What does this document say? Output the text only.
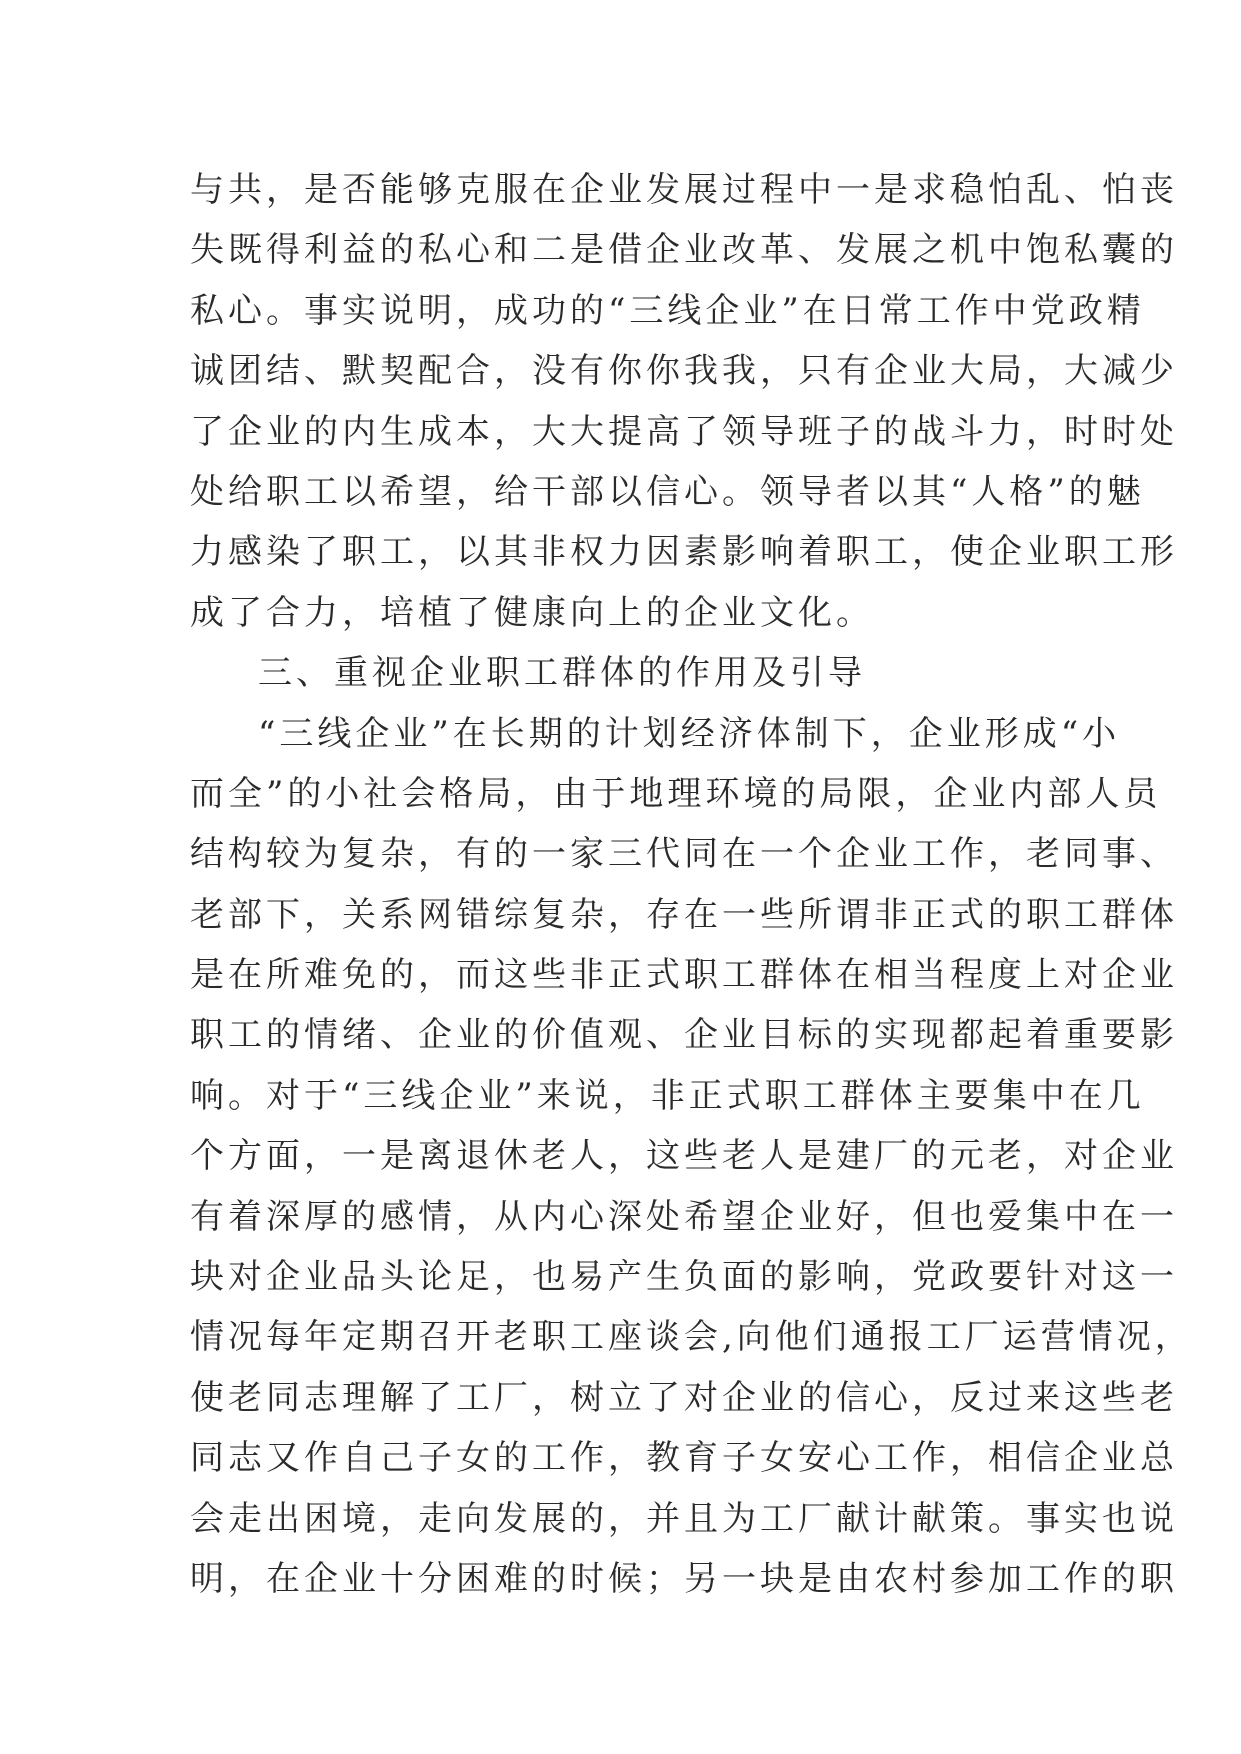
与共，是否能够克服在企业发展过程中一是求稳怕乱、怕丧
失既得利益的私心和二是借企业改革、发展之机中饱私囊的
私心。事实说明，成功的“三线企业”在日常工作中党政精
诚团结、默契配合，没有你你我我，只有企业大局，大减少
了企业的内生成本，大大提高了领导班子的战斗力，时时处
处给职工以希望，给干部以信心。领导者以其“人格”的魅
力感染了职工，以其非权力因素影响着职工，使企业职工形
成了合力，培植了健康向上的企业文化。
三、重视企业职工群体的作用及引导
“三线企业”在长期的计划经济体制下，企业形成“小
而全”的小社会格局，由于地理环境的局限，企业内部人员
结构较为复杂，有的一家三代同在一个企业工作，老同事、
老部下，关系网错综复杂，存在一些所谓非正式的职工群体
是在所难免的，而这些非正式职工群体在相当程度上对企业
职工的情绪、企业的价值观、企业目标的实现都起着重要影
响。对于“三线企业”来说，非正式职工群体主要集中在几
个方面，一是离退休老人，这些老人是建厂的元老，对企业
有着深厚的感情，从内心深处希望企业好，但也爱集中在一
块对企业品头论足，也易产生负面的影响，党政要针对这一
情况每年定期召开老职工座谈会,向他们通报工厂运营情况，
使老同志理解了工厂，树立了对企业的信心，反过来这些老
同志又作自己子女的工作，教育子女安心工作，相信企业总
会走出困境，走向发展的，并且为工厂献计献策。事实也说
明，在企业十分困难的时候；另一块是由农村参加工作的职
